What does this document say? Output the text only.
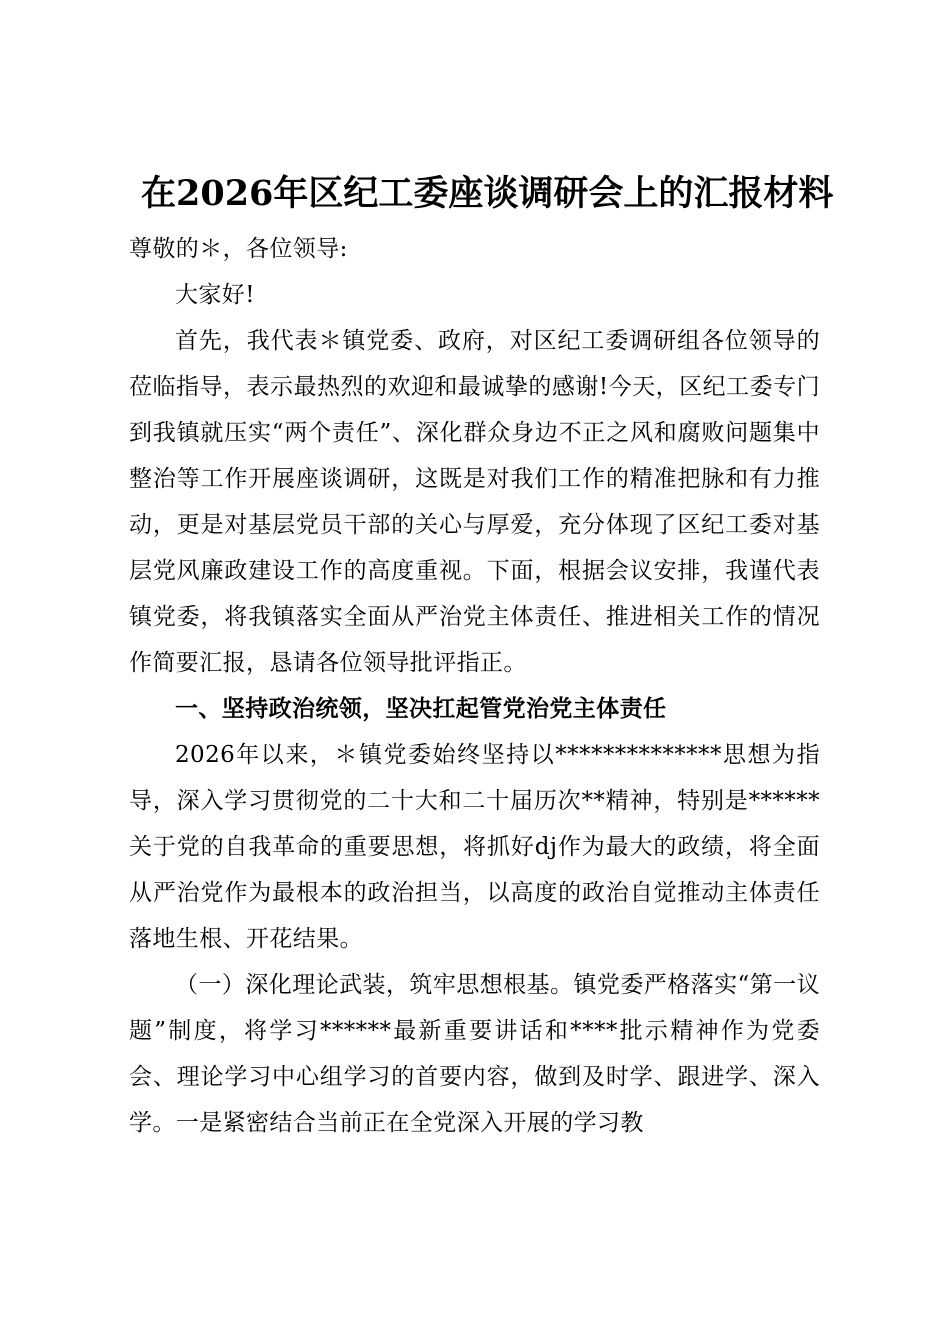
在2026年区纪工委座谈调研会上的汇报材料

尊敬的＊，各位领导:

大家好!

首先，我代表＊镇党委、政府，对区纪工委调研组各位领导的莅临指导，表示最热烈的欢迎和最诚挚的感谢!今天，区纪工委专门到我镇就压实“两个责任”、深化群众身边不正之风和腐败问题集中整治等工作开展座谈调研，这既是对我们工作的精准把脉和有力推动，更是对基层党员干部的关心与厚爱，充分体现了区纪工委对基层党风廉政建设工作的高度重视。下面，根据会议安排，我谨代表镇党委，将我镇落实全面从严治党主体责任、推进相关工作的情况作简要汇报，恳请各位领导批评指正。

一、坚持政治统领，坚决扛起管党治党主体责任

2026年以来，＊镇党委始终坚持以**************思想为指导，深入学习贯彻党的二十大和二十届历次**精神，特别是******关于党的自我革命的重要思想，将抓好dj作为最大的政绩，将全面从严治党作为最根本的政治担当，以高度的政治自觉推动主体责任落地生根、开花结果。

（一）深化理论武装，筑牢思想根基。镇党委严格落实“第一议题”制度，将学习******最新重要讲话和****批示精神作为党委会、理论学习中心组学习的首要内容，做到及时学、跟进学、深入学。一是紧密结合当前正在全党深入开展的学习教
